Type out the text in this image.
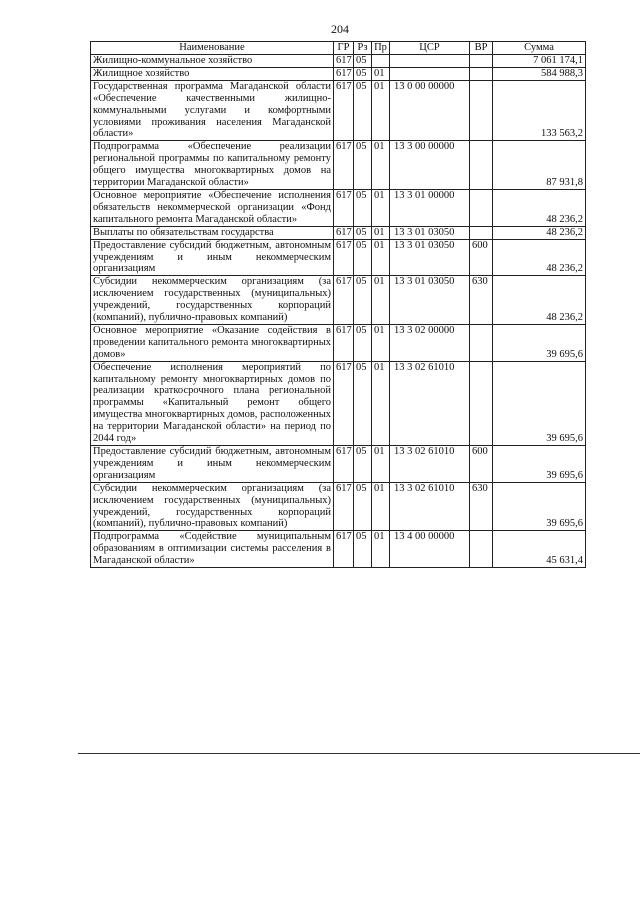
204
Наименование	ГР	Рз	Пр	ЦСР	ВР	Сумма
Жилищно-коммунальное хозяйство	617	05				7 061 174,1
Жилищное хозяйство	617	05	01			584 988,3
Государственная программа Магаданской области «Обеспечение качественными жилищно-коммунальными услугами и комфортными условиями проживания населения Магаданской области»	617	05	01	13 0 00 00000		133 563,2
Подпрограмма «Обеспечение реализации региональной программы по капитальному ремонту общего имущества многоквартирных домов на территории Магаданской области»	617	05	01	13 3 00 00000		87 931,8
Основное мероприятие «Обеспечение исполнения обязательств некоммерческой организации «Фонд капитального ремонта Магаданской области»	617	05	01	13 3 01 00000		48 236,2
Выплаты по обязательствам государства	617	05	01	13 3 01 03050		48 236,2
Предоставление субсидий бюджетным, автономным учреждениям и иным некоммерческим организациям	617	05	01	13 3 01 03050	600	48 236,2
Субсидии некоммерческим организациям (за исключением государственных (муниципальных) учреждений, государственных корпораций (компаний), публично-правовых компаний)	617	05	01	13 3 01 03050	630	48 236,2
Основное мероприятие «Оказание содействия в проведении капитального ремонта многоквартирных домов»	617	05	01	13 3 02 00000		39 695,6
Обеспечение исполнения мероприятий по капитальному ремонту многоквартирных домов по реализации краткосрочного плана региональной программы «Капитальный ремонт общего имущества многоквартирных домов, расположенных на территории Магаданской области» на период по 2044 год»	617	05	01	13 3 02 61010		39 695,6
Предоставление субсидий бюджетным, автономным учреждениям и иным некоммерческим организациям	617	05	01	13 3 02 61010	600	39 695,6
Субсидии некоммерческим организациям (за исключением государственных (муниципальных) учреждений, государственных корпораций (компаний), публично-правовых компаний)	617	05	01	13 3 02 61010	630	39 695,6
Подпрограмма «Содействие муниципальным образованиям в оптимизации системы расселения в Магаданской области»	617	05	01	13 4 00 00000		45 631,4
